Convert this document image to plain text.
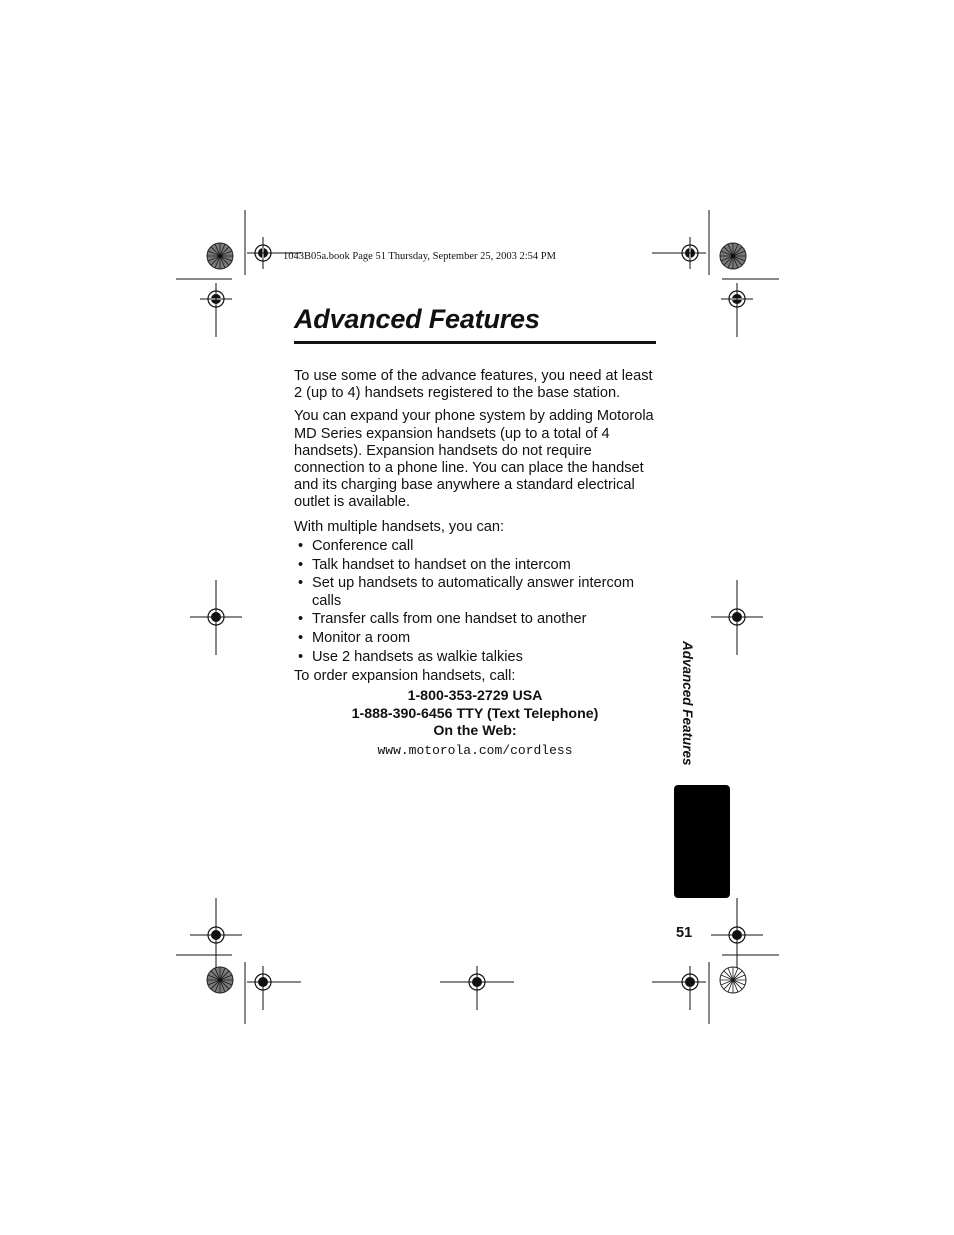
1043B05a.book Page 51 Thursday, September 25, 2003 2:54 PM
Advanced Features

To use some of the advance features, you need at least 2 (up to 4) handsets registered to the base station.

You can expand your phone system by adding Motorola MD Series expansion handsets (up to a total of 4 handsets). Expansion handsets do not require connection to a phone line. You can place the handset and its charging base anywhere a standard electrical outlet is available.

With multiple handsets, you can:

• Conference call
• Talk handset to handset on the intercom
• Set up handsets to automatically answer intercom calls
• Transfer calls from one handset to another
• Monitor a room
• Use 2 handsets as walkie talkies

To order expansion handsets, call:

1-800-353-2729 USA
1-888-390-6456 TTY (Text Telephone)
On the Web:
www.motorola.com/cordless	Advanced Features
51
